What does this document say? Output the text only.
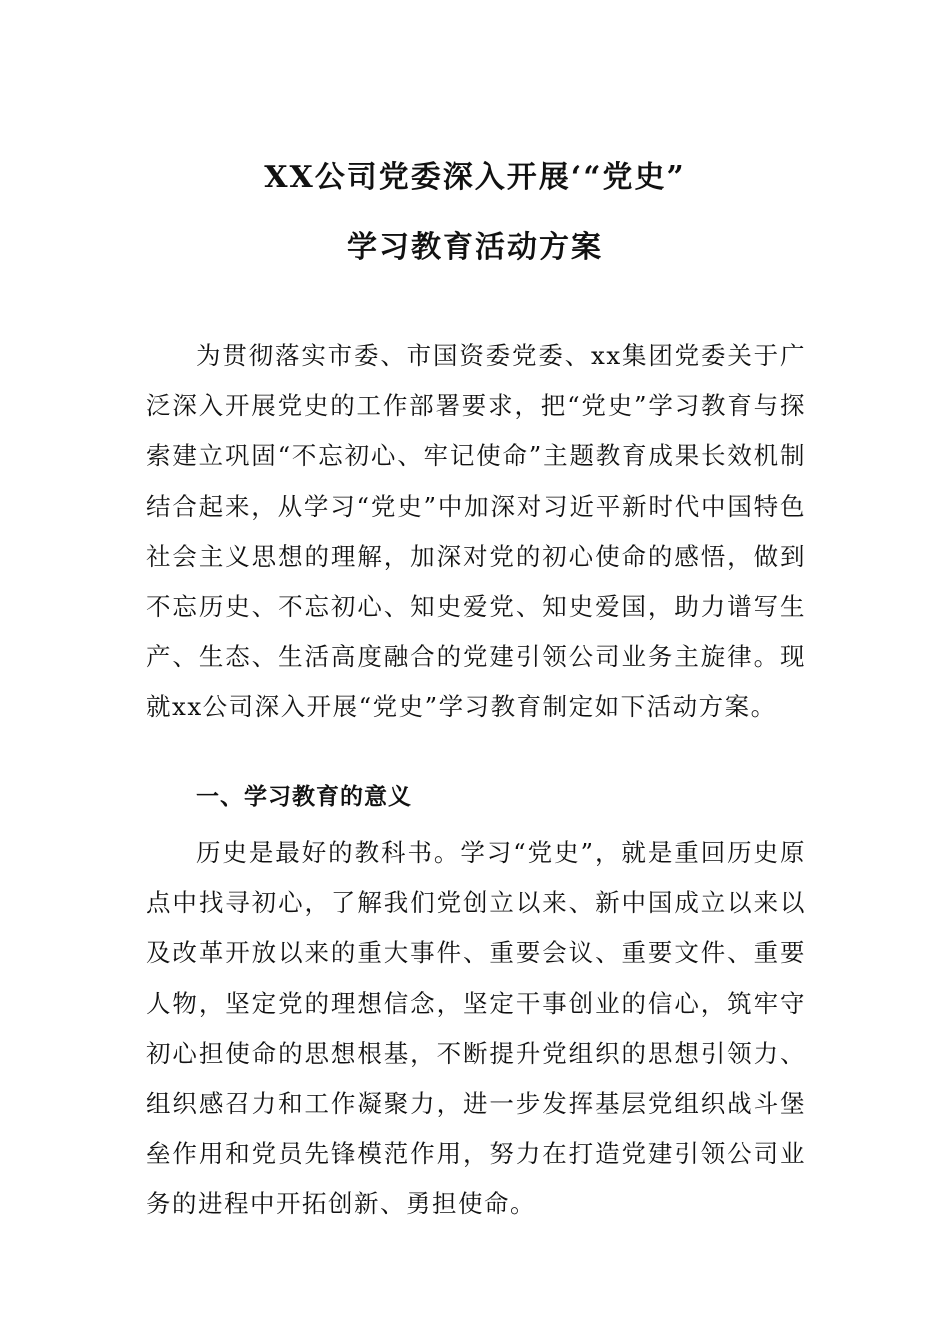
XX公司党委深入开展‘“党史”
学习教育活动方案

为贯彻落实市委、市国资委党委、xx集团党委关于广泛深入开展党史的工作部署要求，把“党史”学习教育与探索建立巩固“不忘初心、牢记使命”主题教育成果长效机制结合起来，从学习“党史”中加深对习近平新时代中国特色社会主义思想的理解，加深对党的初心使命的感悟，做到不忘历史、不忘初心、知史爱党、知史爱国，助力谱写生产、生态、生活高度融合的党建引领公司业务主旋律。现就xx公司深入开展“党史”学习教育制定如下活动方案。

一、学习教育的意义

历史是最好的教科书。学习“党史”，就是重回历史原点中找寻初心，了解我们党创立以来、新中国成立以来以及改革开放以来的重大事件、重要会议、重要文件、重要人物，坚定党的理想信念，坚定干事创业的信心，筑牢守初心担使命的思想根基，不断提升党组织的思想引领力、组织感召力和工作凝聚力，进一步发挥基层党组织战斗堡垒作用和党员先锋模范作用，努力在打造党建引领公司业务的进程中开拓创新、勇担使命。
